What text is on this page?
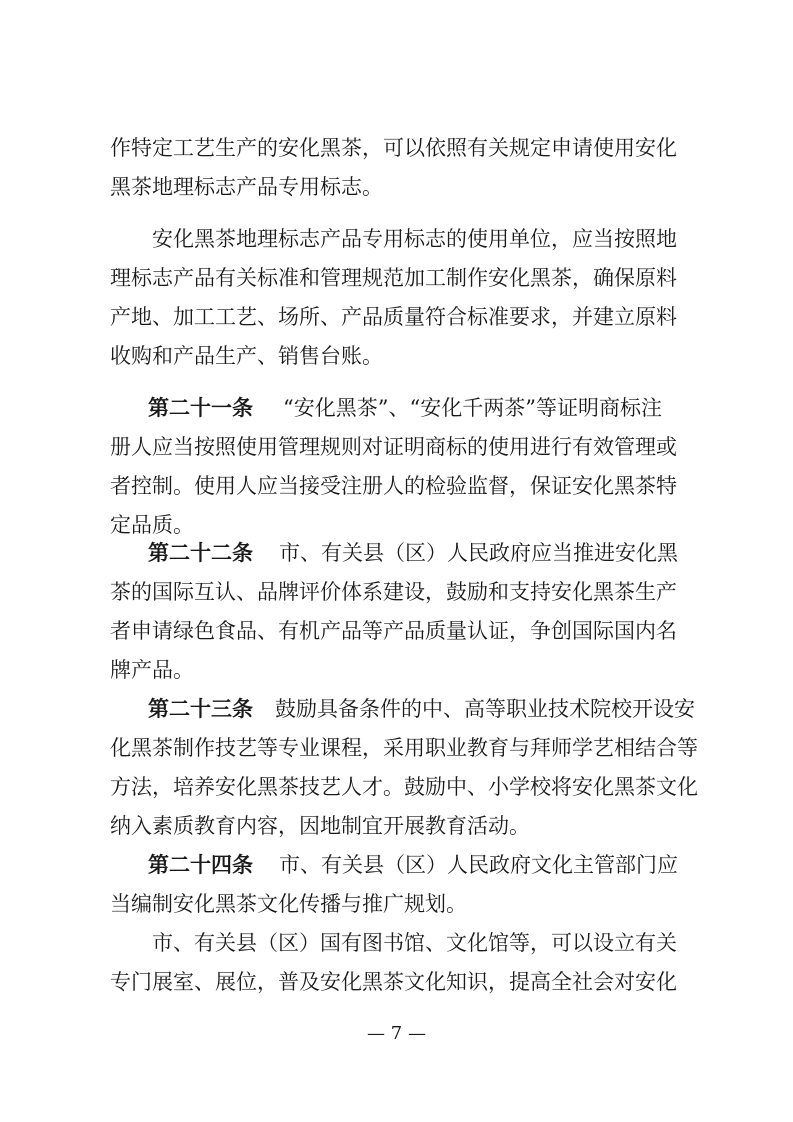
作特定工艺生产的安化黑茶，可以依照有关规定申请使用安化
黑茶地理标志产品专用标志。
安化黑茶地理标志产品专用标志的使用单位，应当按照地
理标志产品有关标准和管理规范加工制作安化黑茶，确保原料
产地、加工工艺、场所、产品质量符合标准要求，并建立原料
收购和产品生产、销售台账。
第二十一条 “安化黑茶”、“安化千两茶”等证明商标注
册人应当按照使用管理规则对证明商标的使用进行有效管理或
者控制。使用人应当接受注册人的检验监督，保证安化黑茶特
定品质。
第二十二条 市、有关县（区）人民政府应当推进安化黑
茶的国际互认、品牌评价体系建设，鼓励和支持安化黑茶生产
者申请绿色食品、有机产品等产品质量认证，争创国际国内名
牌产品。
第二十三条 鼓励具备条件的中、高等职业技术院校开设安
化黑茶制作技艺等专业课程，采用职业教育与拜师学艺相结合等
方法，培养安化黑茶技艺人才。鼓励中、小学校将安化黑茶文化
纳入素质教育内容，因地制宜开展教育活动。
第二十四条 市、有关县（区）人民政府文化主管部门应
当编制安化黑茶文化传播与推广规划。
市、有关县（区）国有图书馆、文化馆等，可以设立有关
专门展室、展位，普及安化黑茶文化知识，提高全社会对安化
— 7 —
